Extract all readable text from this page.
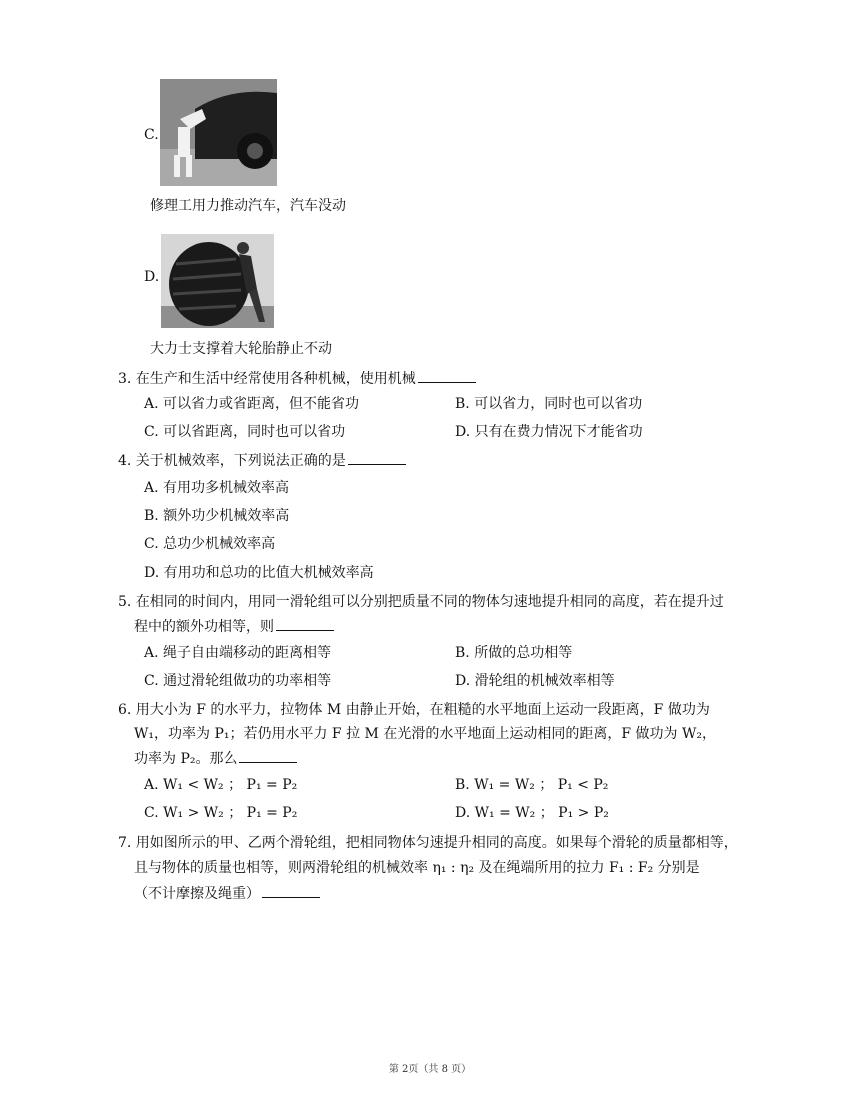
C.
修理工用力推动汽车，汽车没动
D.
大力士支撑着大轮胎静止不动
3. 在生产和生活中经常使用各种机械，使用机械
A. 可以省力或省距离，但不能省功	B. 可以省力，同时也可以省功
C. 可以省距离，同时也可以省功	D. 只有在费力情况下才能省功
4. 关于机械效率，下列说法正确的是
A. 有用功多机械效率高
B. 额外功少机械效率高
C. 总功少机械效率高
D. 有用功和总功的比值大机械效率高
5. 在相同的时间内，用同一滑轮组可以分别把质量不同的物体匀速地提升相同的高度，若在提升过
程中的额外功相等，则
A. 绳子自由端移动的距离相等	B. 所做的总功相等
C. 通过滑轮组做功的功率相等	D. 滑轮组的机械效率相等
6. 用大小为 F 的水平力，拉物体 M 由静止开始，在粗糙的水平地面上运动一段距离，F 做功为
W₁，功率为 P₁；若仍用水平力 F 拉 M 在光滑的水平地面上运动相同的距离，F 做功为 W₂，
功率为 P₂。那么
A. W₁ < W₂ ； P₁ = P₂	B. W₁ = W₂ ； P₁ < P₂
C. W₁ > W₂ ； P₁ = P₂	D. W₁ = W₂ ； P₁ > P₂
7. 用如图所示的甲、乙两个滑轮组，把相同物体匀速提升相同的高度。如果每个滑轮的质量都相等，
且与物体的质量也相等，则两滑轮组的机械效率 η₁ : η₂ 及在绳端所用的拉力 F₁ : F₂ 分别是
（不计摩擦及绳重）
第 2页（共 8 页）
